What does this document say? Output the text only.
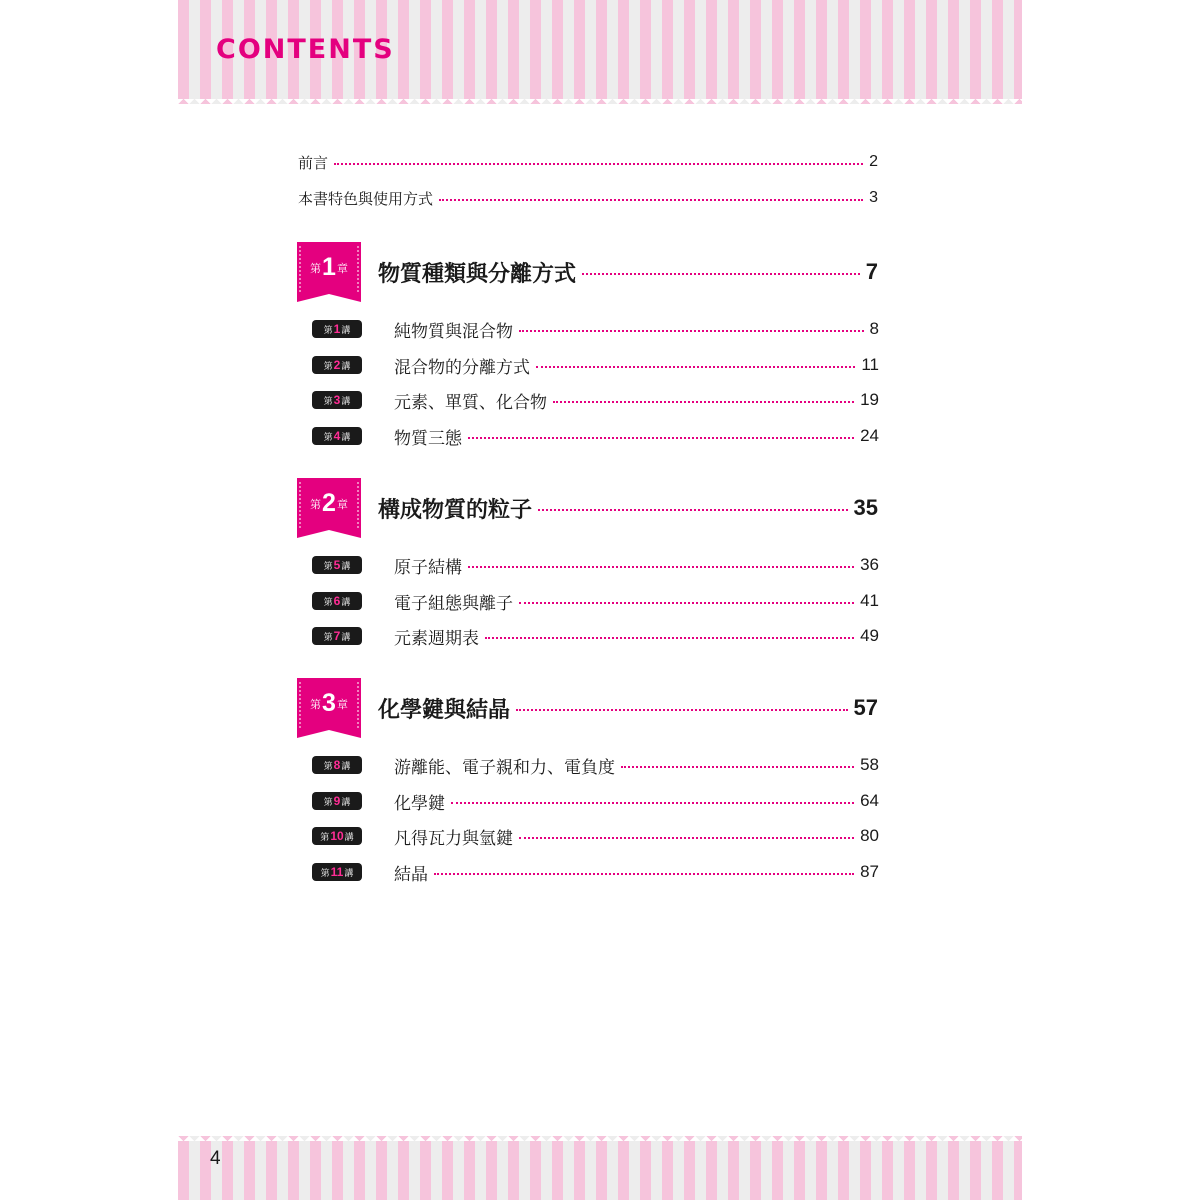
CONTENTS
前言	2
本書特色與使用方式	3
第1章	物質種類與分離方式	7
第1講	純物質與混合物	8
第2講	混合物的分離方式	11
第3講	元素、單質、化合物	19
第4講	物質三態	24
第2章	構成物質的粒子	35
第5講	原子結構	36
第6講	電子組態與離子	41
第7講	元素週期表	49
第3章	化學鍵與結晶	57
第8講	游離能、電子親和力、電負度	58
第9講	化學鍵	64
第10講	凡得瓦力與氫鍵	80
第11講	結晶	87
4
